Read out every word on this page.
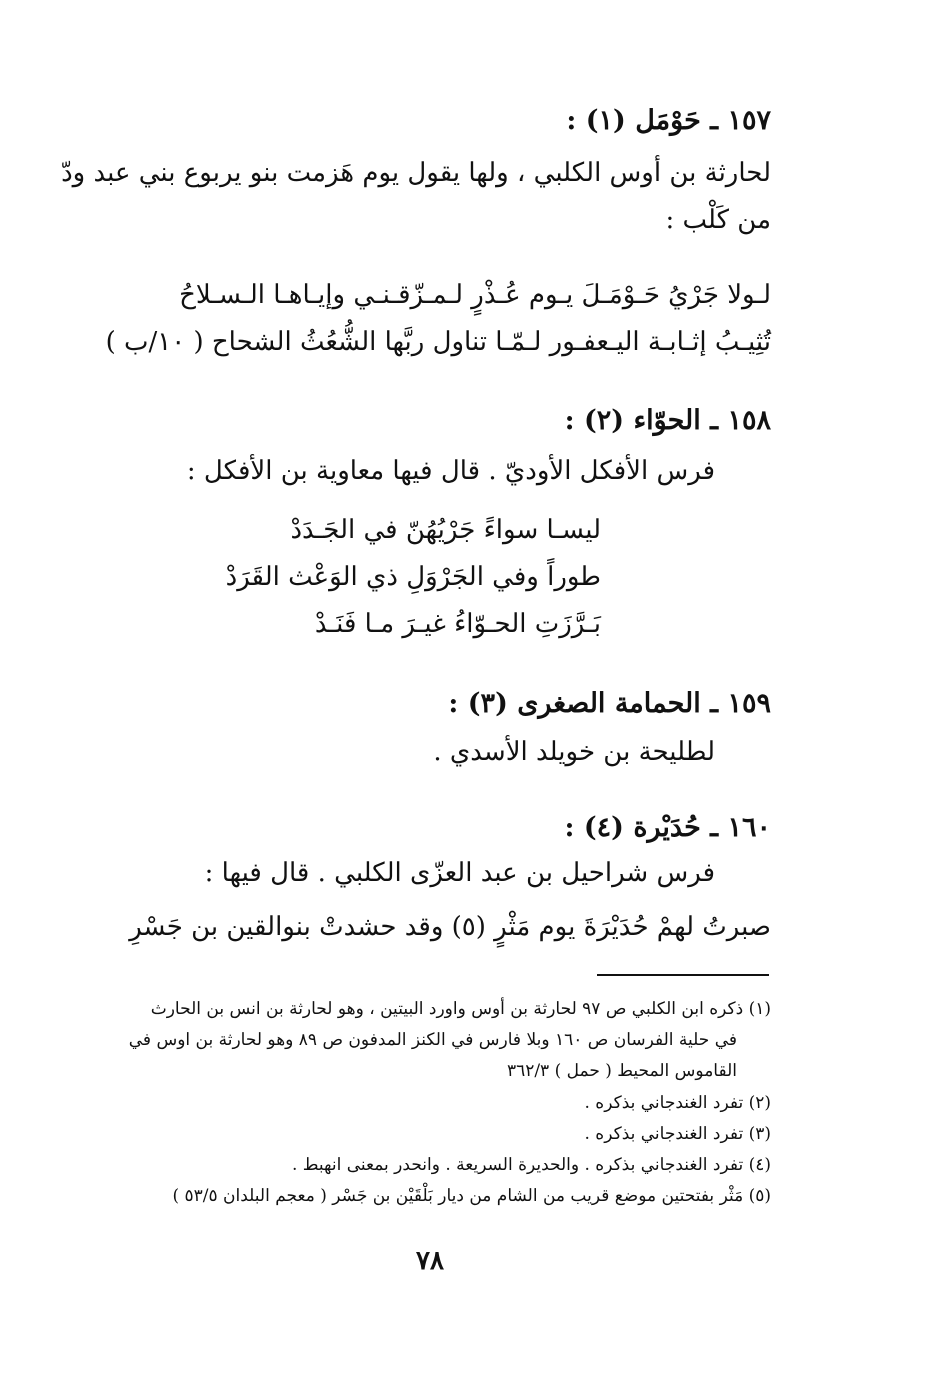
١٥٧ ـ حَوْمَل (١) :
لحارثة بن أوس الكلبي ، ولها يقول يوم هَزمت بنو يربوع بني عبد ودّ
من كَلْب :
لـولا جَرْيُ حَـوْمَـلَ يـوم عُـذْرٍ لـمـزّقـنـي وإيـاهـا الـسـلاحُ
تُثِيـبُ إثـابـة اليـعفـور لـمّـا تناول ربَّها الشُّعُثُ الشحاح ( ١٠/ب )
١٥٨ ـ الحوّاء (٢) :
فرس الأفكل الأوديّ . قال فيها معاوية بن الأفكل :
ليسـا سواءً جَرْيُهُنّ في الجَـدَدْ
طوراً وفي الجَرْوَلِ ذي الوَعْث القَرَدْ
بَـرَّزَتِ الحـوّاءُ غيـرَ مـا فَنَـدْ
١٥٩ ـ الحمامة الصغرى (٣) :
لطليحة بن خويلد الأسدي .
١٦٠ ـ حُدَيْرة (٤) :
فرس شراحيل بن عبد العزّى الكلبي . قال فيها :
صبرتُ لهمْ حُدَيْرَةَ يوم مَثْرٍ (٥) وقد حشدتْ بنوالقين بن جَسْرِ
(١) ذكره ابن الكلبي ص ٩٧ لحارثة بن أوس واورد البيتين ، وهو لحارثة بن انس بن الحارث
في حلية الفرسان ص ١٦٠ وبلا فارس في الكنز المدفون ص ٨٩ وهو لحارثة بن اوس في
القاموس المحيط ( حمل ) ٣٦٢/٣
(٢) تفرد الغندجاني بذكره .
(٣) تفرد الغندجاني بذكره .
(٤) تفرد الغندجاني بذكره . والحديرة السريعة . وانحدر بمعنى انهبط .
(٥) مَثْر بفتحتين موضع قريب من الشام من ديار بَلْقَيْن بن جَسْر ( معجم البلدان ٥٣/٥ )
٧٨
